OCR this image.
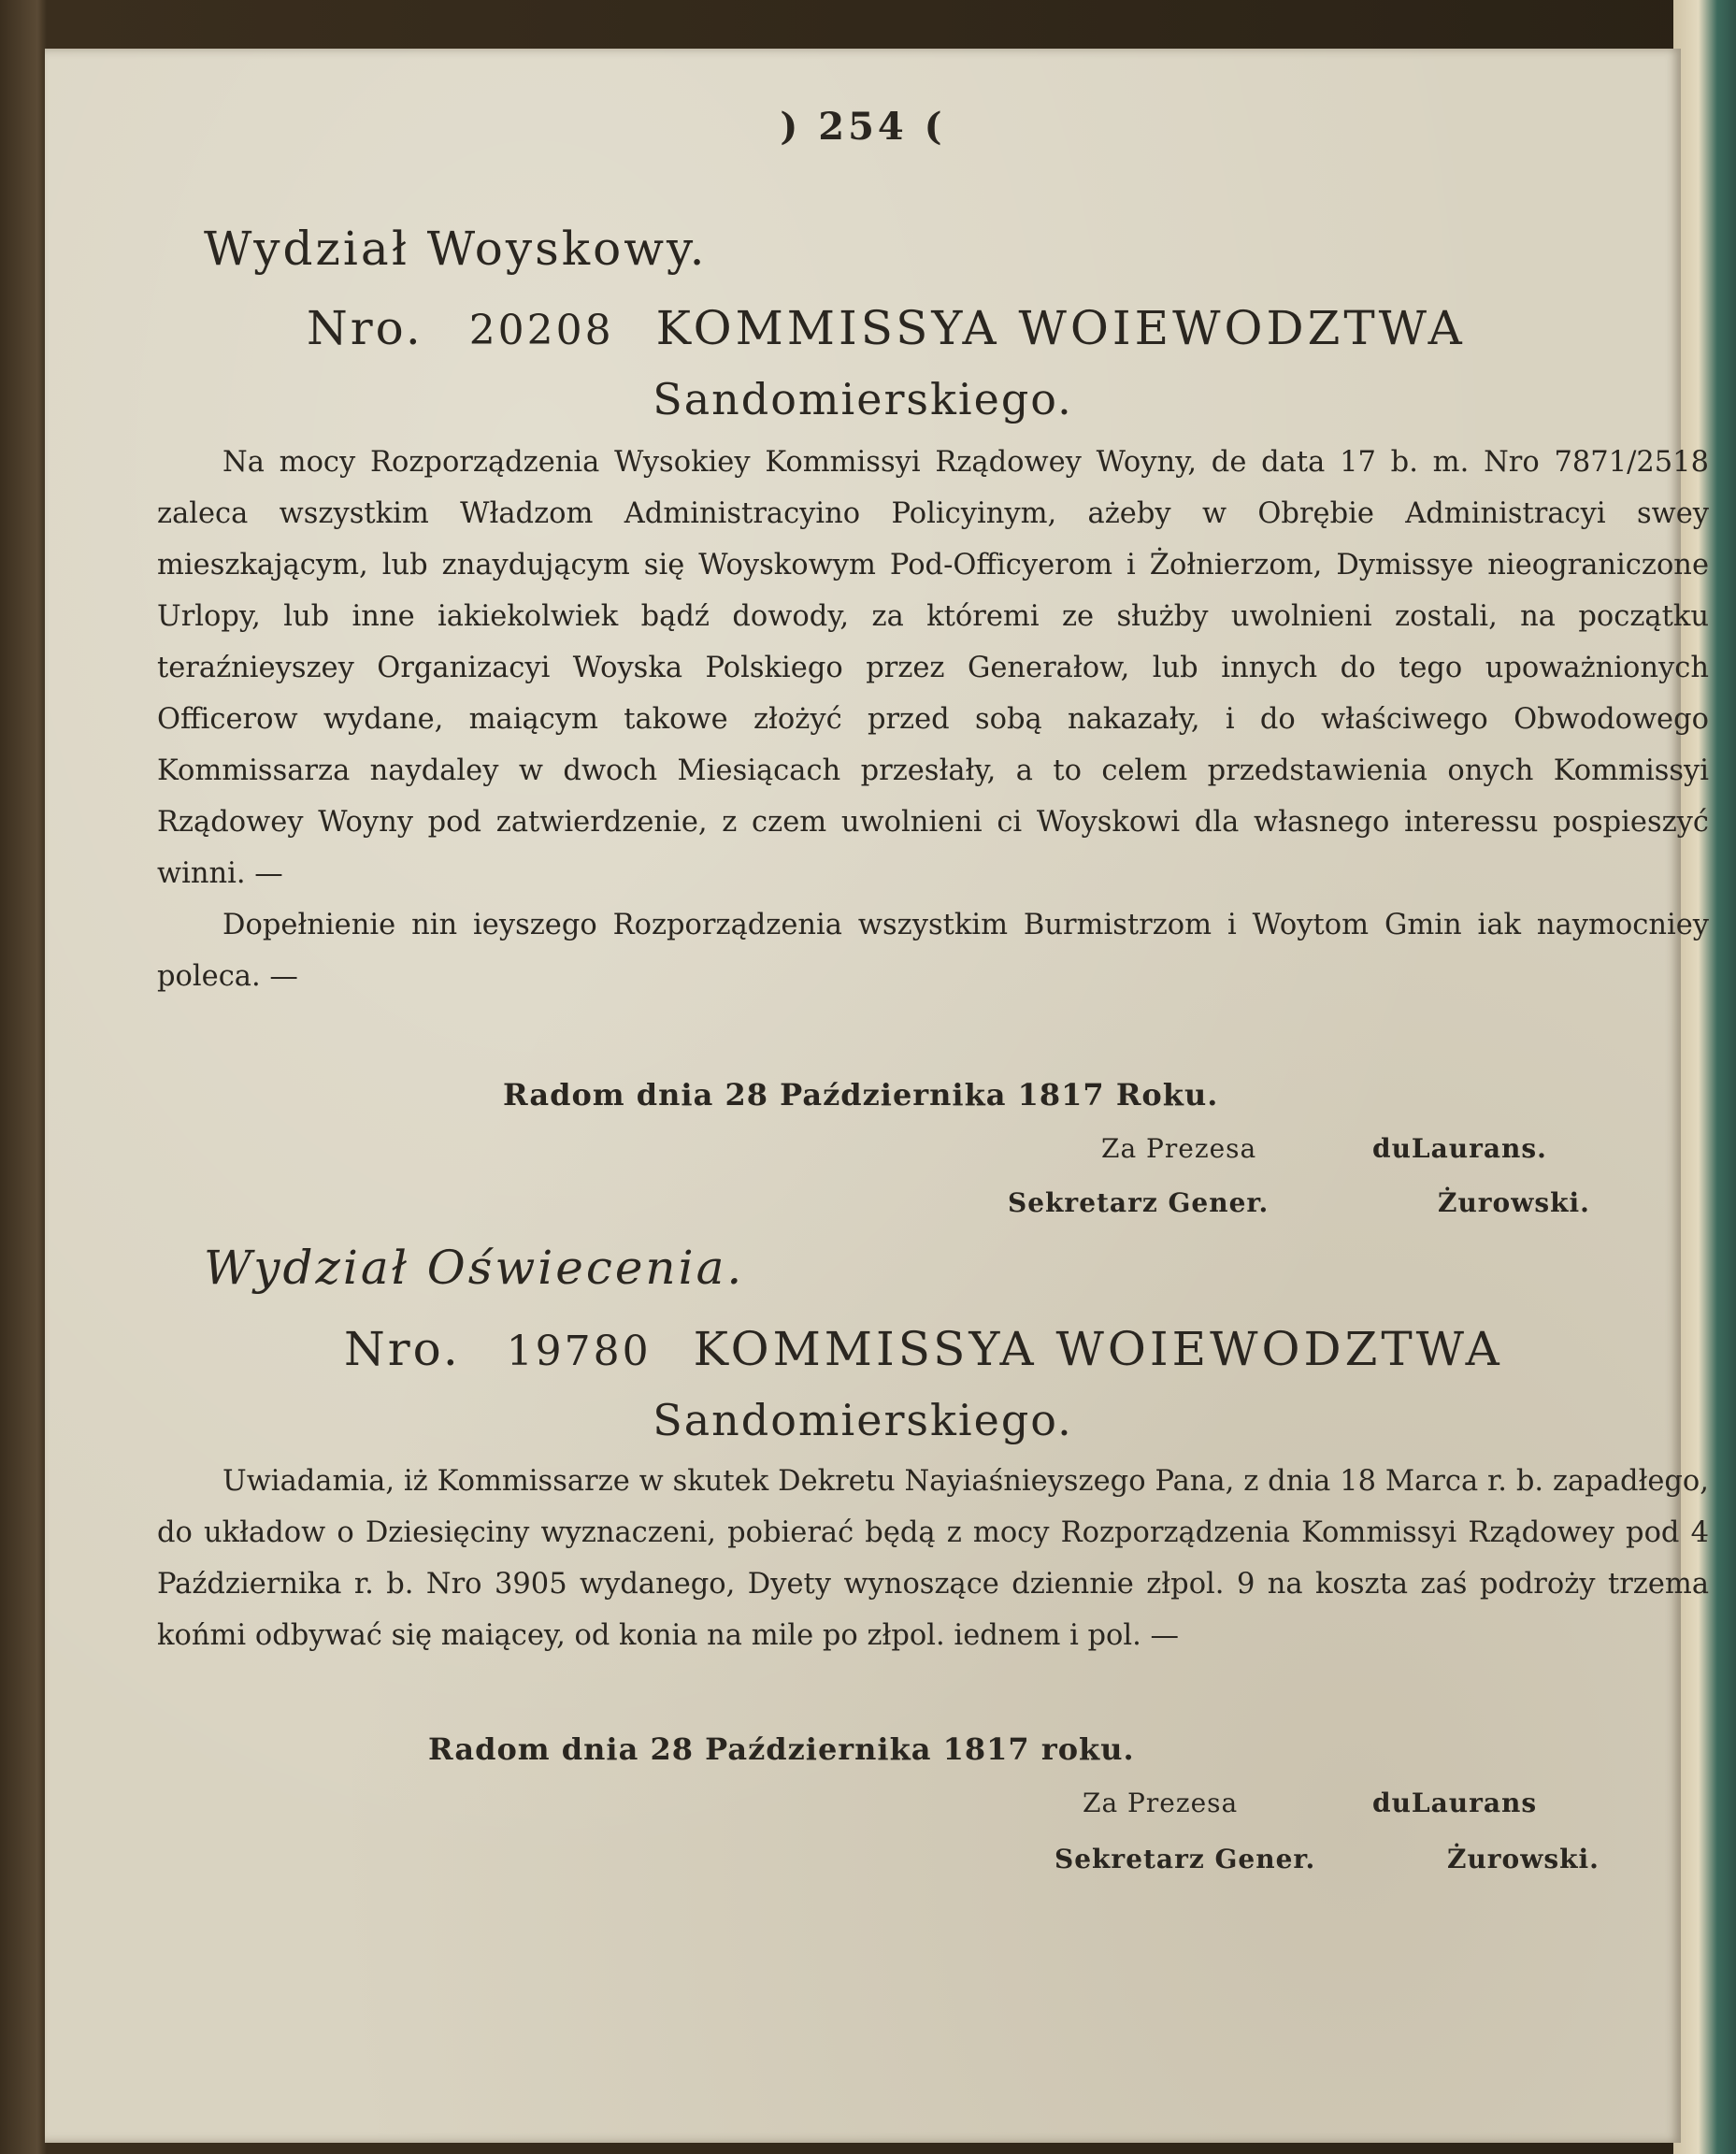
) 254 (
Wydział Woyskowy.
Nro. 20208 KOMMISSYA WOIEWODZTWA
Sandomierskiego.

Na mocy Rozporządzenia Wysokiey Kommissyi Rządowey Woyny, de data 17 b. m. Nro 7871/2518 zaleca wszystkim Władzom Administracyino Policyinym, ażeby w Obrębie Administracyi swey mieszkającym, lub znaydującym się Woyskowym Pod-Officyerom i Żołnierzom, Dymissye nieograniczone Urlopy, lub inne iakiekolwiek bądź dowody, za któremi ze służby uwolnieni zostali, na początku teraźnieyszey Organizacyi Woyska Polskiego przez Generałow, lub innych do tego upoważnionych Officerow wydane, maiącym takowe złożyć przed sobą nakazały, i do właściwego Obwodowego Kommissarza naydaley w dwoch Miesiącach przesłały, a to celem przedstawienia onych Kommissyi Rządowey Woyny pod zatwierdzenie, z czem uwolnieni ci Woyskowi dla własnego interessu pospieszyć winni. —

Dopełnienie nin ieyszego Rozporządzenia wszystkim Burmistrzom i Woytom Gmin iak naymocniey poleca. —

Radom dnia 28 Października 1817 Roku.
Za Prezesa	duLaurans.
Sekretarz Gener.	Żurowski.
Wydział Oświecenia.
Nro. 19780 KOMMISSYA WOIEWODZTWA
Sandomierskiego.

Uwiadamia, iż Kommissarze w skutek Dekretu Nayiaśnieyszego Pana, z dnia 18 Marca r. b. zapadłego, do układow o Dziesięciny wyznaczeni, pobierać będą z mocy Rozporządzenia Kommissyi Rządowey pod 4 Października r. b. Nro 3905 wydanego, Dyety wynoszące dziennie złpol. 9 na koszta zaś podroży trzema końmi odbywać się maiącey, od konia na mile po złpol. iednem i pol. —

Radom dnia 28 Października 1817 roku.
Za Prezesa	duLaurans
Sekretarz Gener.	Żurowski.
